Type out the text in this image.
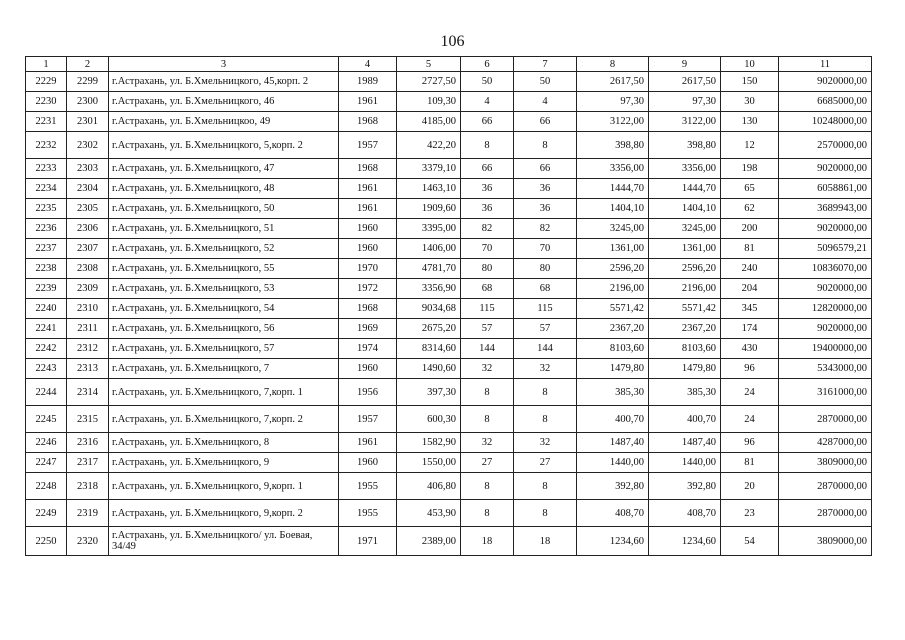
106
1	2	3	4	5	6	7	8	9	10	11
2229	2299	г.Астрахань, ул. Б.Хмельницкого, 45,корп. 2	1989	2727,50	50	50	2617,50	2617,50	150	9020000,00
2230	2300	г.Астрахань, ул. Б.Хмельницкого, 46	1961	109,30	4	4	97,30	97,30	30	6685000,00
2231	2301	г.Астрахань, ул. Б.Хмельницкоо, 49	1968	4185,00	66	66	3122,00	3122,00	130	10248000,00
2232	2302	г.Астрахань, ул. Б.Хмельницкого, 5,корп. 2	1957	422,20	8	8	398,80	398,80	12	2570000,00
2233	2303	г.Астрахань, ул. Б.Хмельницкого, 47	1968	3379,10	66	66	3356,00	3356,00	198	9020000,00
2234	2304	г.Астрахань, ул. Б.Хмельницкого, 48	1961	1463,10	36	36	1444,70	1444,70	65	6058861,00
2235	2305	г.Астрахань, ул. Б.Хмельницкого, 50	1961	1909,60	36	36	1404,10	1404,10	62	3689943,00
2236	2306	г.Астрахань, ул. Б.Хмельницкого, 51	1960	3395,00	82	82	3245,00	3245,00	200	9020000,00
2237	2307	г.Астрахань, ул. Б.Хмельницкого, 52	1960	1406,00	70	70	1361,00	1361,00	81	5096579,21
2238	2308	г.Астрахань, ул. Б.Хмельницкого, 55	1970	4781,70	80	80	2596,20	2596,20	240	10836070,00
2239	2309	г.Астрахань, ул. Б.Хмельницкого, 53	1972	3356,90	68	68	2196,00	2196,00	204	9020000,00
2240	2310	г.Астрахань, ул. Б.Хмельницкого, 54	1968	9034,68	115	115	5571,42	5571,42	345	12820000,00
2241	2311	г.Астрахань, ул. Б.Хмельницкого, 56	1969	2675,20	57	57	2367,20	2367,20	174	9020000,00
2242	2312	г.Астрахань, ул. Б.Хмельницкого, 57	1974	8314,60	144	144	8103,60	8103,60	430	19400000,00
2243	2313	г.Астрахань, ул. Б.Хмельницкого, 7	1960	1490,60	32	32	1479,80	1479,80	96	5343000,00
2244	2314	г.Астрахань, ул. Б.Хмельницкого, 7,корп. 1	1956	397,30	8	8	385,30	385,30	24	3161000,00
2245	2315	г.Астрахань, ул. Б.Хмельницкого, 7,корп. 2	1957	600,30	8	8	400,70	400,70	24	2870000,00
2246	2316	г.Астрахань, ул. Б.Хмельницкого, 8	1961	1582,90	32	32	1487,40	1487,40	96	4287000,00
2247	2317	г.Астрахань, ул. Б.Хмельницкого, 9	1960	1550,00	27	27	1440,00	1440,00	81	3809000,00
2248	2318	г.Астрахань, ул. Б.Хмельницкого, 9,корп. 1	1955	406,80	8	8	392,80	392,80	20	2870000,00
2249	2319	г.Астрахань, ул. Б.Хмельницкого, 9,корп. 2	1955	453,90	8	8	408,70	408,70	23	2870000,00
2250	2320	г.Астрахань, ул. Б.Хмельницкого/ ул. Боевая, 34/49	1971	2389,00	18	18	1234,60	1234,60	54	3809000,00
